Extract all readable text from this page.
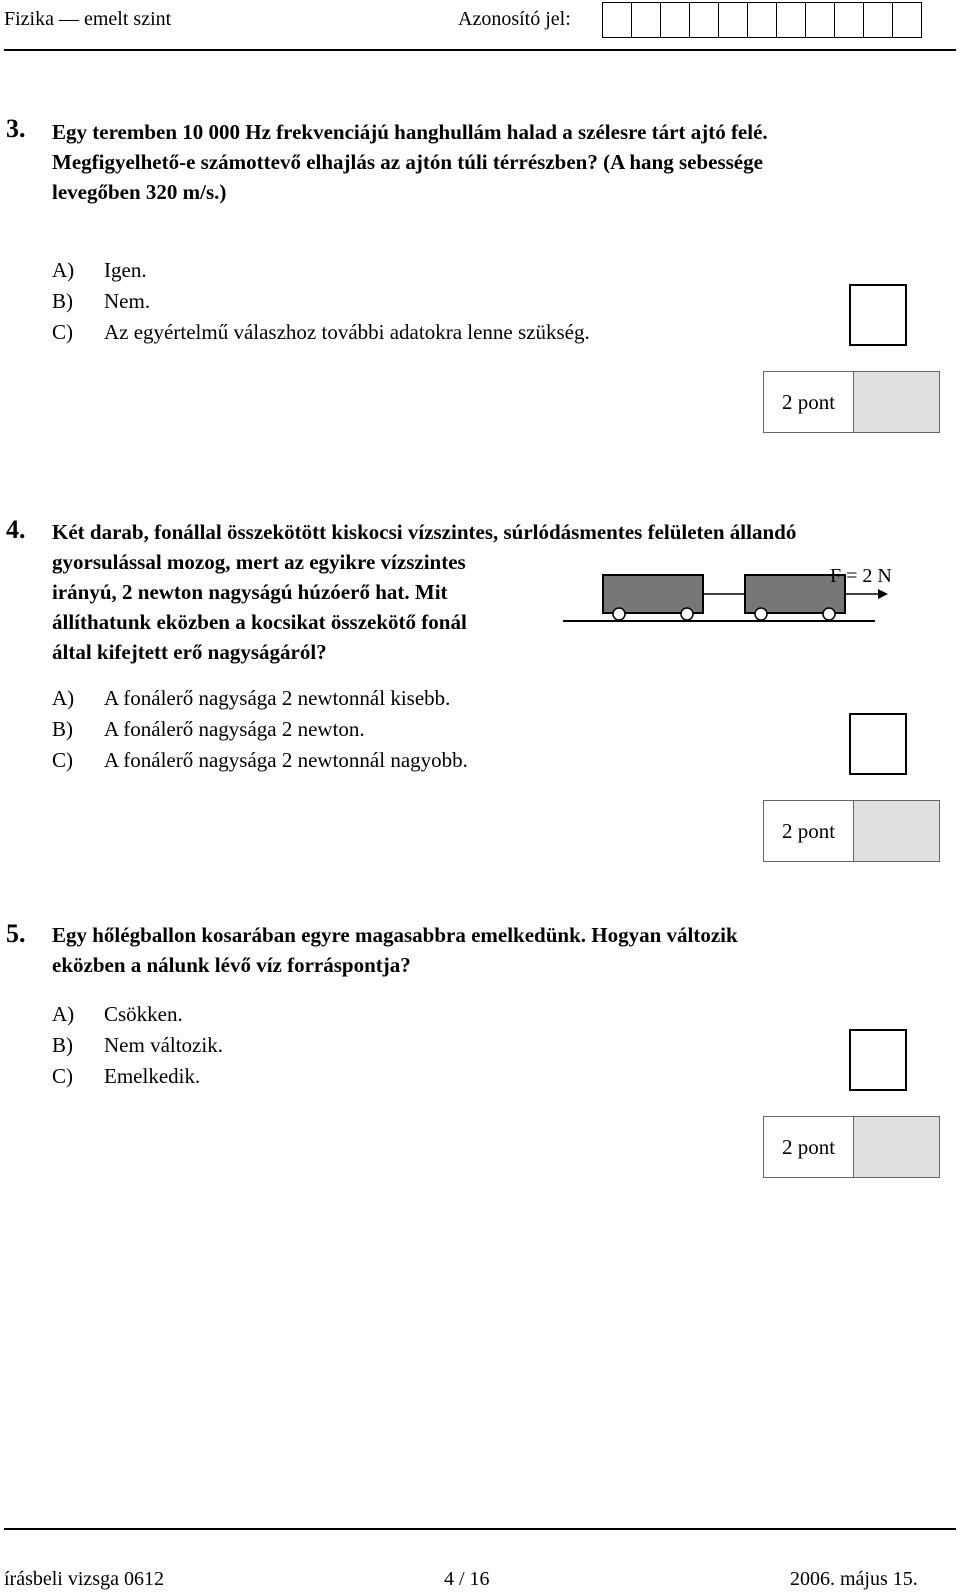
Fizika — emelt szint	Azonosító jel:
3. Egy teremben 10 000 Hz frekvenciájú hanghullám halad a szélesre tárt ajtó felé.
Megfigyelhető-e számottevő elhajlás az ajtón túli térrészben? (A hang sebessége
levegőben 320 m/s.)
A) Igen.
B) Nem.
C) Az egyértelmű válaszhoz további adatokra lenne szükség.
2 pont
4. Két darab, fonállal összekötött kiskocsi vízszintes, súrlódásmentes felületen állandó
gyorsulással mozog, mert az egyikre vízszintes
irányú, 2 newton nagyságú húzóerő hat. Mit
állíthatunk eközben a kocsikat összekötő fonál
által kifejtett erő nagyságáról?
F = 2 N
A) A fonálerő nagysága 2 newtonnál kisebb.
B) A fonálerő nagysága 2 newton.
C) A fonálerő nagysága 2 newtonnál nagyobb.
2 pont
5. Egy hőlégballon kosarában egyre magasabbra emelkedünk. Hogyan változik
eközben a nálunk lévő víz forráspontja?
A) Csökken.
B) Nem változik.
C) Emelkedik.
2 pont
írásbeli vizsga 0612	4 / 16	2006. május 15.
